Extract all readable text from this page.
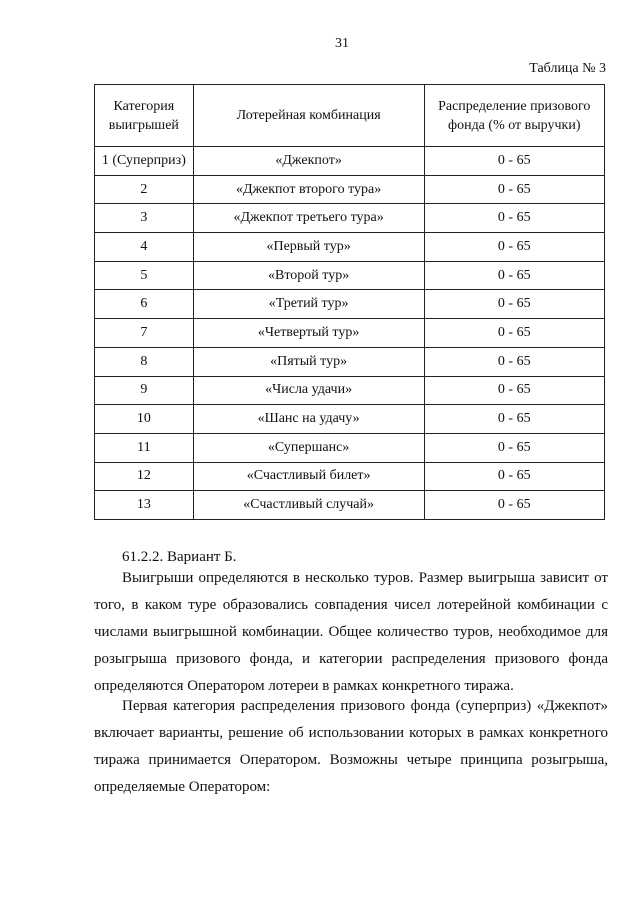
31
Таблица № 3
Категория выигрышей	Лотерейная комбинация	Распределение призового фонда (% от выручки)
1 (Суперприз)	«Джекпот»	0 - 65
2	«Джекпот второго тура»	0 - 65
3	«Джекпот третьего тура»	0 - 65
4	«Первый тур»	0 - 65
5	«Второй тур»	0 - 65
6	«Третий тур»	0 - 65
7	«Четвертый тур»	0 - 65
8	«Пятый тур»	0 - 65
9	«Числа удачи»	0 - 65
10	«Шанс на удачу»	0 - 65
11	«Супершанс»	0 - 65
12	«Счастливый билет»	0 - 65
13	«Счастливый случай»	0 - 65
61.2.2. Вариант Б.

Выигрыши определяются в несколько туров. Размер выигрыша зависит от того, в каком туре образовались совпадения чисел лотерейной комбинации с числами выигрышной комбинации. Общее количество туров, необходимое для розыгрыша призового фонда, и категории распределения призового фонда определяются Оператором лотереи в рамках конкретного тиража.

Первая категория распределения призового фонда (суперприз) «Джекпот» включает варианты, решение об использовании которых в рамках конкретного тиража принимается Оператором. Возможны четыре принципа розыгрыша, определяемые Оператором:
